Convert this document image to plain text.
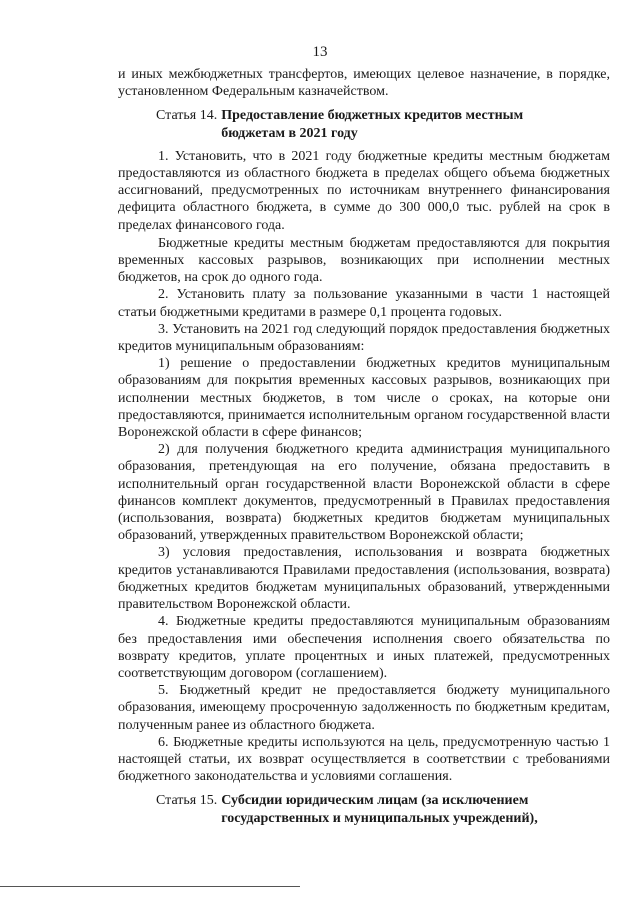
13

и иных межбюджетных трансфертов, имеющих целевое назначение, в порядке, установленном Федеральным казначейством.

Статья 14. Предоставление бюджетных кредитов местным бюджетам в 2021 году

1. Установить, что в 2021 году бюджетные кредиты местным бюджетам предоставляются из областного бюджета в пределах общего объема бюджетных ассигнований, предусмотренных по источникам внутреннего финансирования дефицита областного бюджета, в сумме до 300 000,0 тыс. рублей на срок в пределах финансового года.

Бюджетные кредиты местным бюджетам предоставляются для покрытия временных кассовых разрывов, возникающих при исполнении местных бюджетов, на срок до одного года.

2. Установить плату за пользование указанными в части 1 настоящей статьи бюджетными кредитами в размере 0,1 процента годовых.

3. Установить на 2021 год следующий порядок предоставления бюджетных кредитов муниципальным образованиям:

1) решение о предоставлении бюджетных кредитов муниципальным образованиям для покрытия временных кассовых разрывов, возникающих при исполнении местных бюджетов, в том числе о сроках, на которые они предоставляются, принимается исполнительным органом государственной власти Воронежской области в сфере финансов;

2) для получения бюджетного кредита администрация муниципального образования, претендующая на его получение, обязана предоставить в исполнительный орган государственной власти Воронежской области в сфере финансов комплект документов, предусмотренный в Правилах предоставления (использования, возврата) бюджетных кредитов бюджетам муниципальных образований, утвержденных правительством Воронежской области;

3) условия предоставления, использования и возврата бюджетных кредитов устанавливаются Правилами предоставления (использования, возврата) бюджетных кредитов бюджетам муниципальных образований, утвержденными правительством Воронежской области.

4. Бюджетные кредиты предоставляются муниципальным образованиям без предоставления ими обеспечения исполнения своего обязательства по возврату кредитов, уплате процентных и иных платежей, предусмотренных соответствующим договором (соглашением).

5. Бюджетный кредит не предоставляется бюджету муниципального образования, имеющему просроченную задолженность по бюджетным кредитам, полученным ранее из областного бюджета.

6. Бюджетные кредиты используются на цель, предусмотренную частью 1 настоящей статьи, их возврат осуществляется в соответствии с требованиями бюджетного законодательства и условиями соглашения.

Статья 15. Субсидии юридическим лицам (за исключением государственных и муниципальных учреждений),
